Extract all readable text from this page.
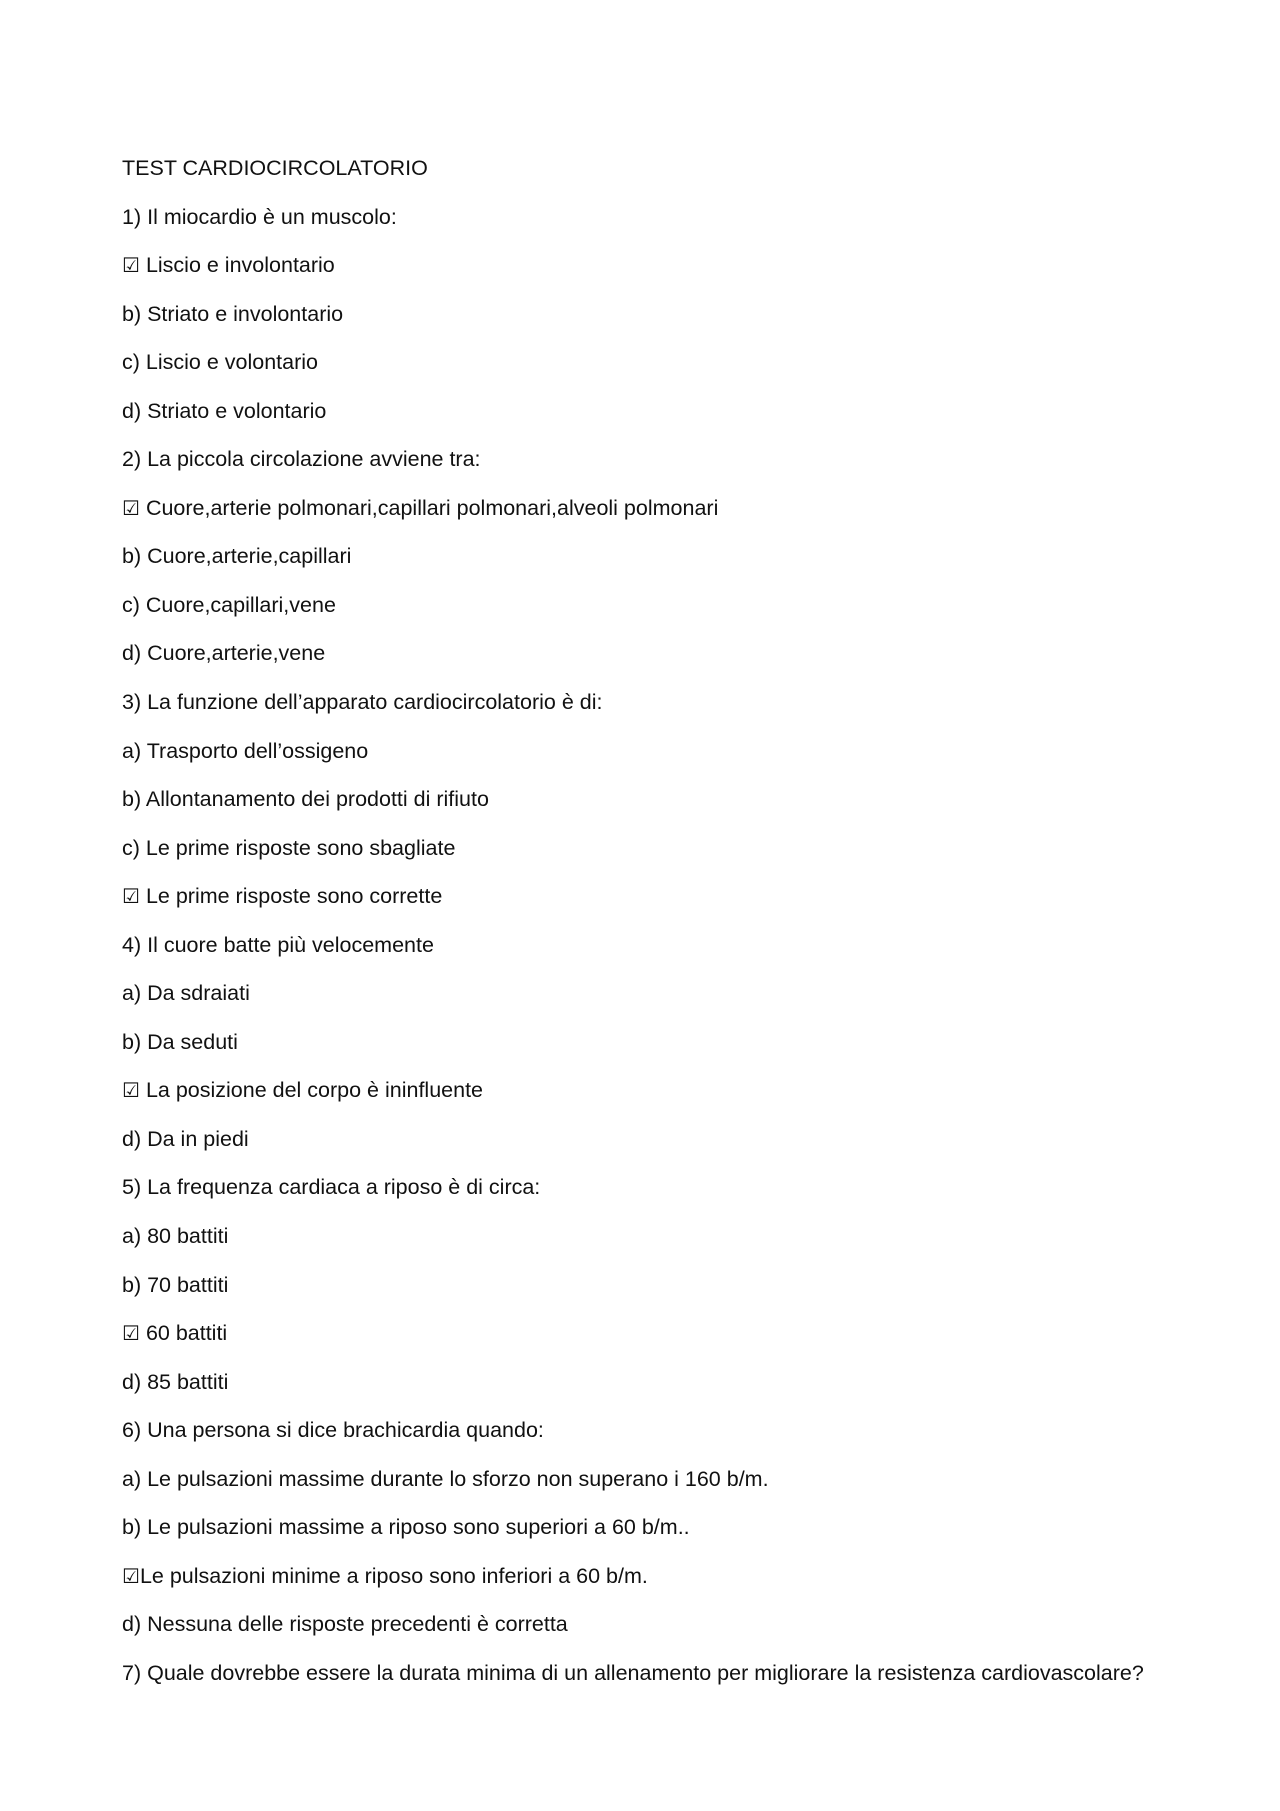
TEST CARDIOCIRCOLATORIO
1) Il miocardio è un muscolo:
☑ Liscio e involontario
b) Striato e involontario
c) Liscio e volontario
d) Striato e volontario
2) La piccola circolazione avviene tra:
☑ Cuore,arterie polmonari,capillari polmonari,alveoli polmonari
b) Cuore,arterie,capillari
c) Cuore,capillari,vene
d) Cuore,arterie,vene
3) La funzione dell’apparato cardiocircolatorio è di:
a) Trasporto dell’ossigeno
b) Allontanamento dei prodotti di rifiuto
c) Le prime risposte sono sbagliate
☑ Le prime risposte sono corrette
4) Il cuore batte più velocemente
a) Da sdraiati
b) Da seduti
☑ La posizione del corpo è ininfluente
d) Da in piedi
5) La frequenza cardiaca a riposo è di circa:
a) 80 battiti
b) 70 battiti
☑ 60 battiti
d) 85 battiti
6) Una persona si dice brachicardia quando:
a) Le pulsazioni massime durante lo sforzo non superano i 160 b/m.
b) Le pulsazioni massime a riposo sono superiori a 60 b/m..
☑Le pulsazioni minime a riposo sono inferiori a 60 b/m.
d) Nessuna delle risposte precedenti è corretta
7) Quale dovrebbe essere la durata minima di un allenamento per migliorare la resistenza cardiovascolare?
